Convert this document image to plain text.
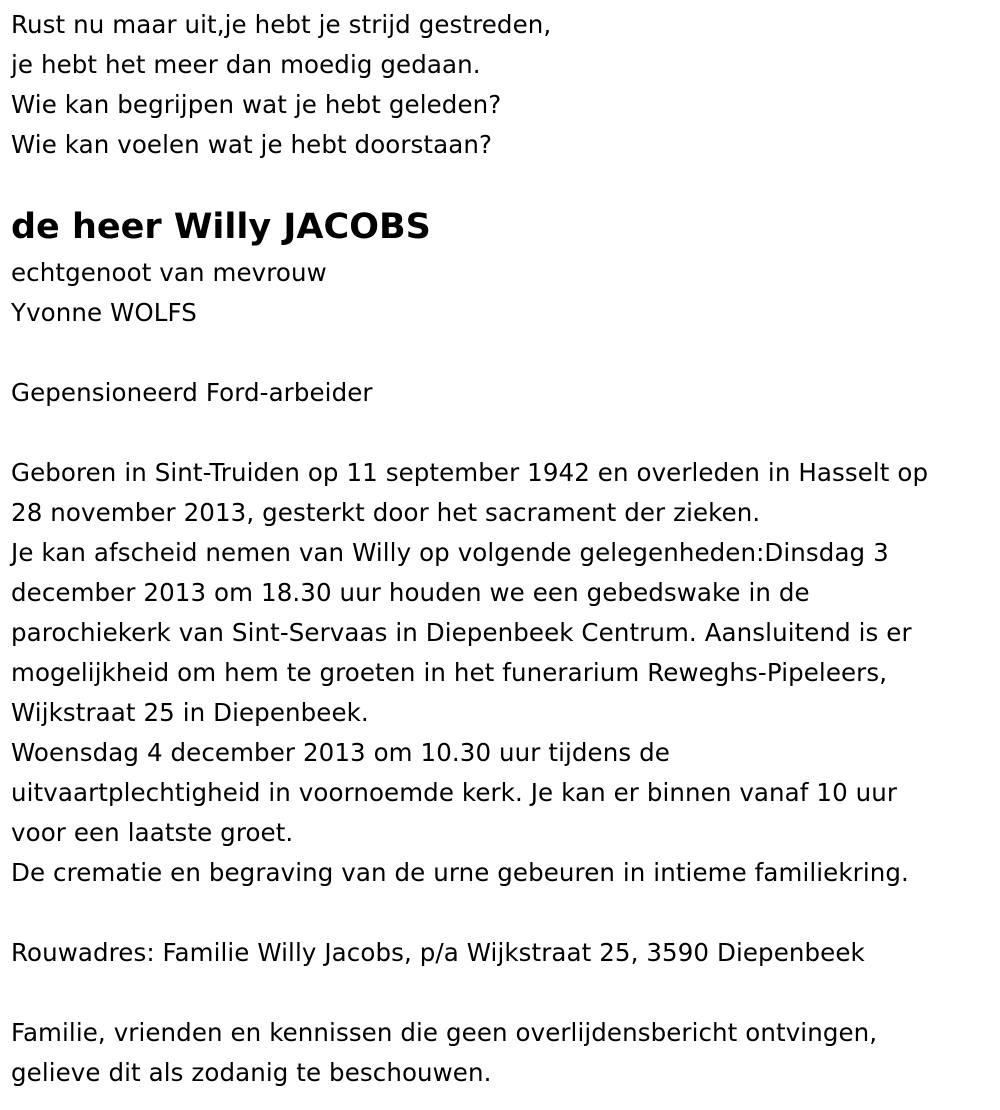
Rust nu maar uit,je hebt je strijd gestreden,
je hebt het meer dan moedig gedaan.
Wie kan begrijpen wat je hebt geleden?
Wie kan voelen wat je hebt doorstaan?
de heer Willy JACOBS
echtgenoot van mevrouw
Yvonne WOLFS
Gepensioneerd Ford-arbeider
Geboren in Sint-Truiden op 11 september 1942 en overleden in Hasselt op
28 november 2013, gesterkt door het sacrament der zieken.
Je kan afscheid nemen van Willy op volgende gelegenheden:Dinsdag 3
december 2013 om 18.30 uur houden we een gebedswake in de
parochiekerk van Sint-Servaas in Diepenbeek Centrum. Aansluitend is er
mogelijkheid om hem te groeten in het funerarium Reweghs-Pipeleers,
Wijkstraat 25 in Diepenbeek.
Woensdag 4 december 2013 om 10.30 uur tijdens de
uitvaartplechtigheid in voornoemde kerk. Je kan er binnen vanaf 10 uur
voor een laatste groet.
De crematie en begraving van de urne gebeuren in intieme familiekring.
Rouwadres: Familie Willy Jacobs, p/a Wijkstraat 25, 3590 Diepenbeek
Familie, vrienden en kennissen die geen overlijdensbericht ontvingen,
gelieve dit als zodanig te beschouwen.
